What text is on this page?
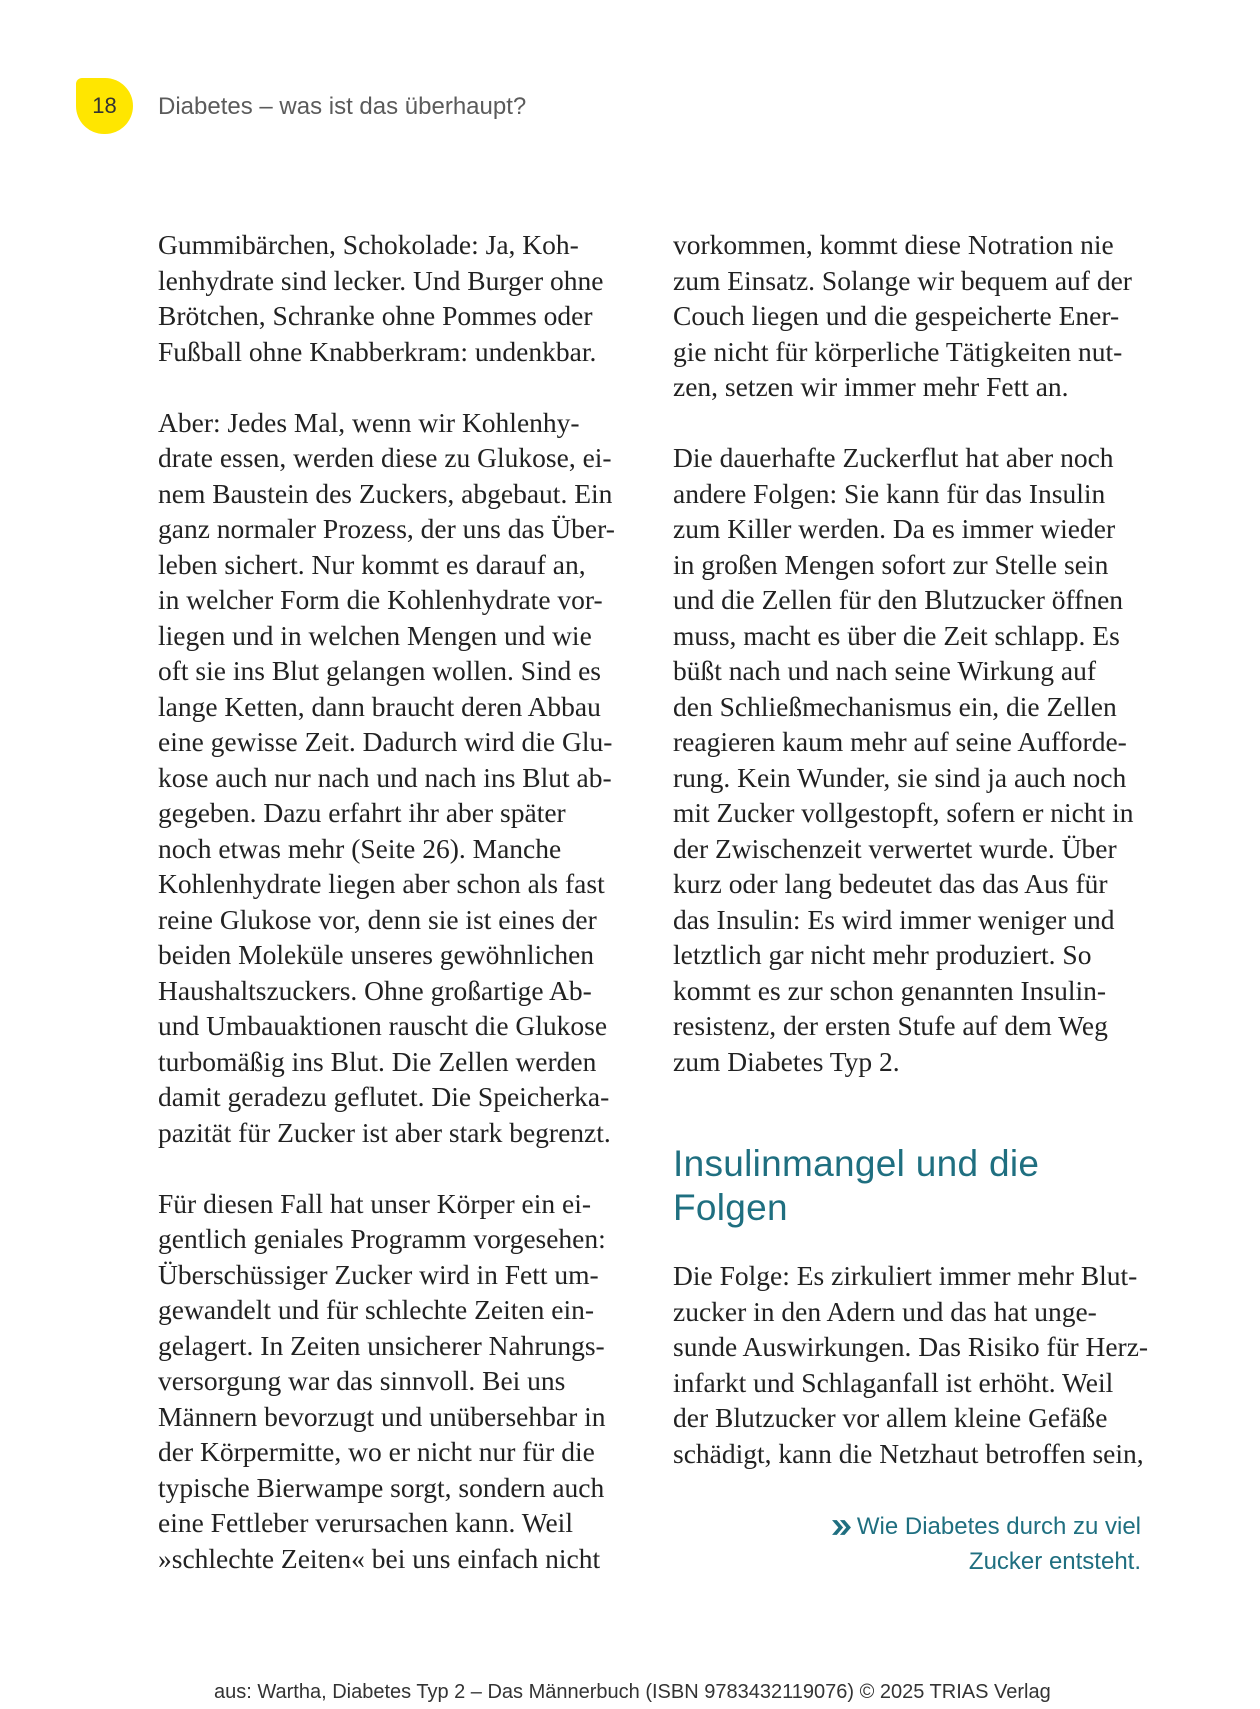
18 Diabetes – was ist das überhaupt?
Gummibärchen, Schokolade: Ja, Koh-
lenhydrate sind lecker. Und Burger ohne
Brötchen, Schranke ohne Pommes oder
Fußball ohne Knabberkram: undenkbar.
Aber: Jedes Mal, wenn wir Kohlenhy-
drate essen, werden diese zu Glukose, ei-
nem Baustein des Zuckers, abgebaut. Ein
ganz normaler Prozess, der uns das Über-
leben sichert. Nur kommt es darauf an,
in welcher Form die Kohlenhydrate vor-
liegen und in welchen Mengen und wie
oft sie ins Blut gelangen wollen. Sind es
lange Ketten, dann braucht deren Abbau
eine gewisse Zeit. Dadurch wird die Glu-
kose auch nur nach und nach ins Blut ab-
gegeben. Dazu erfahrt ihr aber später
noch etwas mehr (Seite 26). Manche
Kohlenhydrate liegen aber schon als fast
reine Glukose vor, denn sie ist eines der
beiden Moleküle unseres gewöhnlichen
Haushaltszuckers. Ohne großartige Ab-
und Umbauaktionen rauscht die Glukose
turbomäßig ins Blut. Die Zellen werden
damit geradezu geflutet. Die Speicherka-
pazität für Zucker ist aber stark begrenzt.
Für diesen Fall hat unser Körper ein ei-
gentlich geniales Programm vorgesehen:
Überschüssiger Zucker wird in Fett um-
gewandelt und für schlechte Zeiten ein-
gelagert. In Zeiten unsicherer Nahrungs-
versorgung war das sinnvoll. Bei uns
Männern bevorzugt und unübersehbar in
der Körpermitte, wo er nicht nur für die
typische Bierwampe sorgt, sondern auch
eine Fettleber verursachen kann. Weil
»schlechte Zeiten« bei uns einfach nicht
vorkommen, kommt diese Notration nie
zum Einsatz. Solange wir bequem auf der
Couch liegen und die gespeicherte Ener-
gie nicht für körperliche Tätigkeiten nut-
zen, setzen wir immer mehr Fett an.
Die dauerhafte Zuckerflut hat aber noch
andere Folgen: Sie kann für das Insulin
zum Killer werden. Da es immer wieder
in großen Mengen sofort zur Stelle sein
und die Zellen für den Blutzucker öffnen
muss, macht es über die Zeit schlapp. Es
büßt nach und nach seine Wirkung auf
den Schließmechanismus ein, die Zellen
reagieren kaum mehr auf seine Aufforde-
rung. Kein Wunder, sie sind ja auch noch
mit Zucker vollgestopft, sofern er nicht in
der Zwischenzeit verwertet wurde. Über
kurz oder lang bedeutet das das Aus für
das Insulin: Es wird immer weniger und
letztlich gar nicht mehr produziert. So
kommt es zur schon genannten Insulin-
resistenz, der ersten Stufe auf dem Weg
zum Diabetes Typ 2.
Insulinmangel und die
Folgen
Die Folge: Es zirkuliert immer mehr Blut-
zucker in den Adern und das hat unge-
sunde Auswirkungen. Das Risiko für Herz-
infarkt und Schlaganfall ist erhöht. Weil
der Blutzucker vor allem kleine Gefäße
schädigt, kann die Netzhaut betroffen sein,
Wie Diabetes durch zu viel
Zucker entsteht.
aus: Wartha, Diabetes Typ 2 – Das Männerbuch (ISBN 9783432119076) © 2025 TRIAS Verlag
